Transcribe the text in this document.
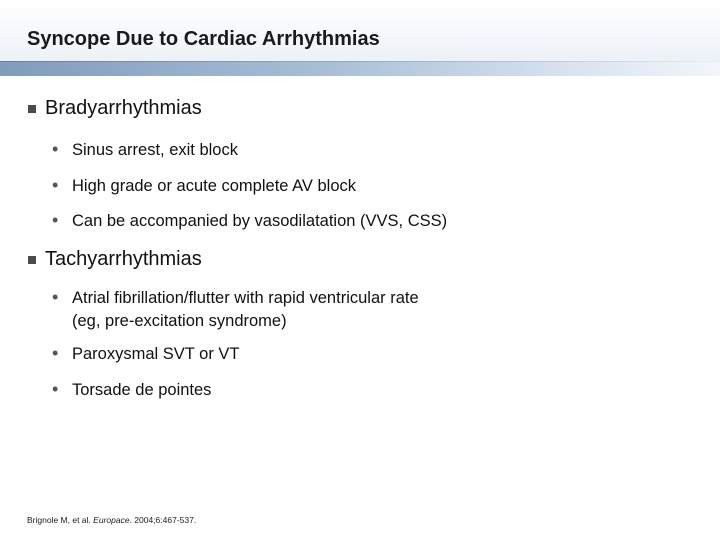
Syncope Due to Cardiac Arrhythmias
Bradyarrhythmias
• Sinus arrest, exit block
• High grade or acute complete AV block
• Can be accompanied by vasodilatation (VVS, CSS)
Tachyarrhythmias
• Atrial fibrillation/flutter with rapid ventricular rate
(eg, pre-excitation syndrome)
• Paroxysmal SVT or VT
• Torsade de pointes
Brignole M, et al. Europace. 2004;6:467-537.
